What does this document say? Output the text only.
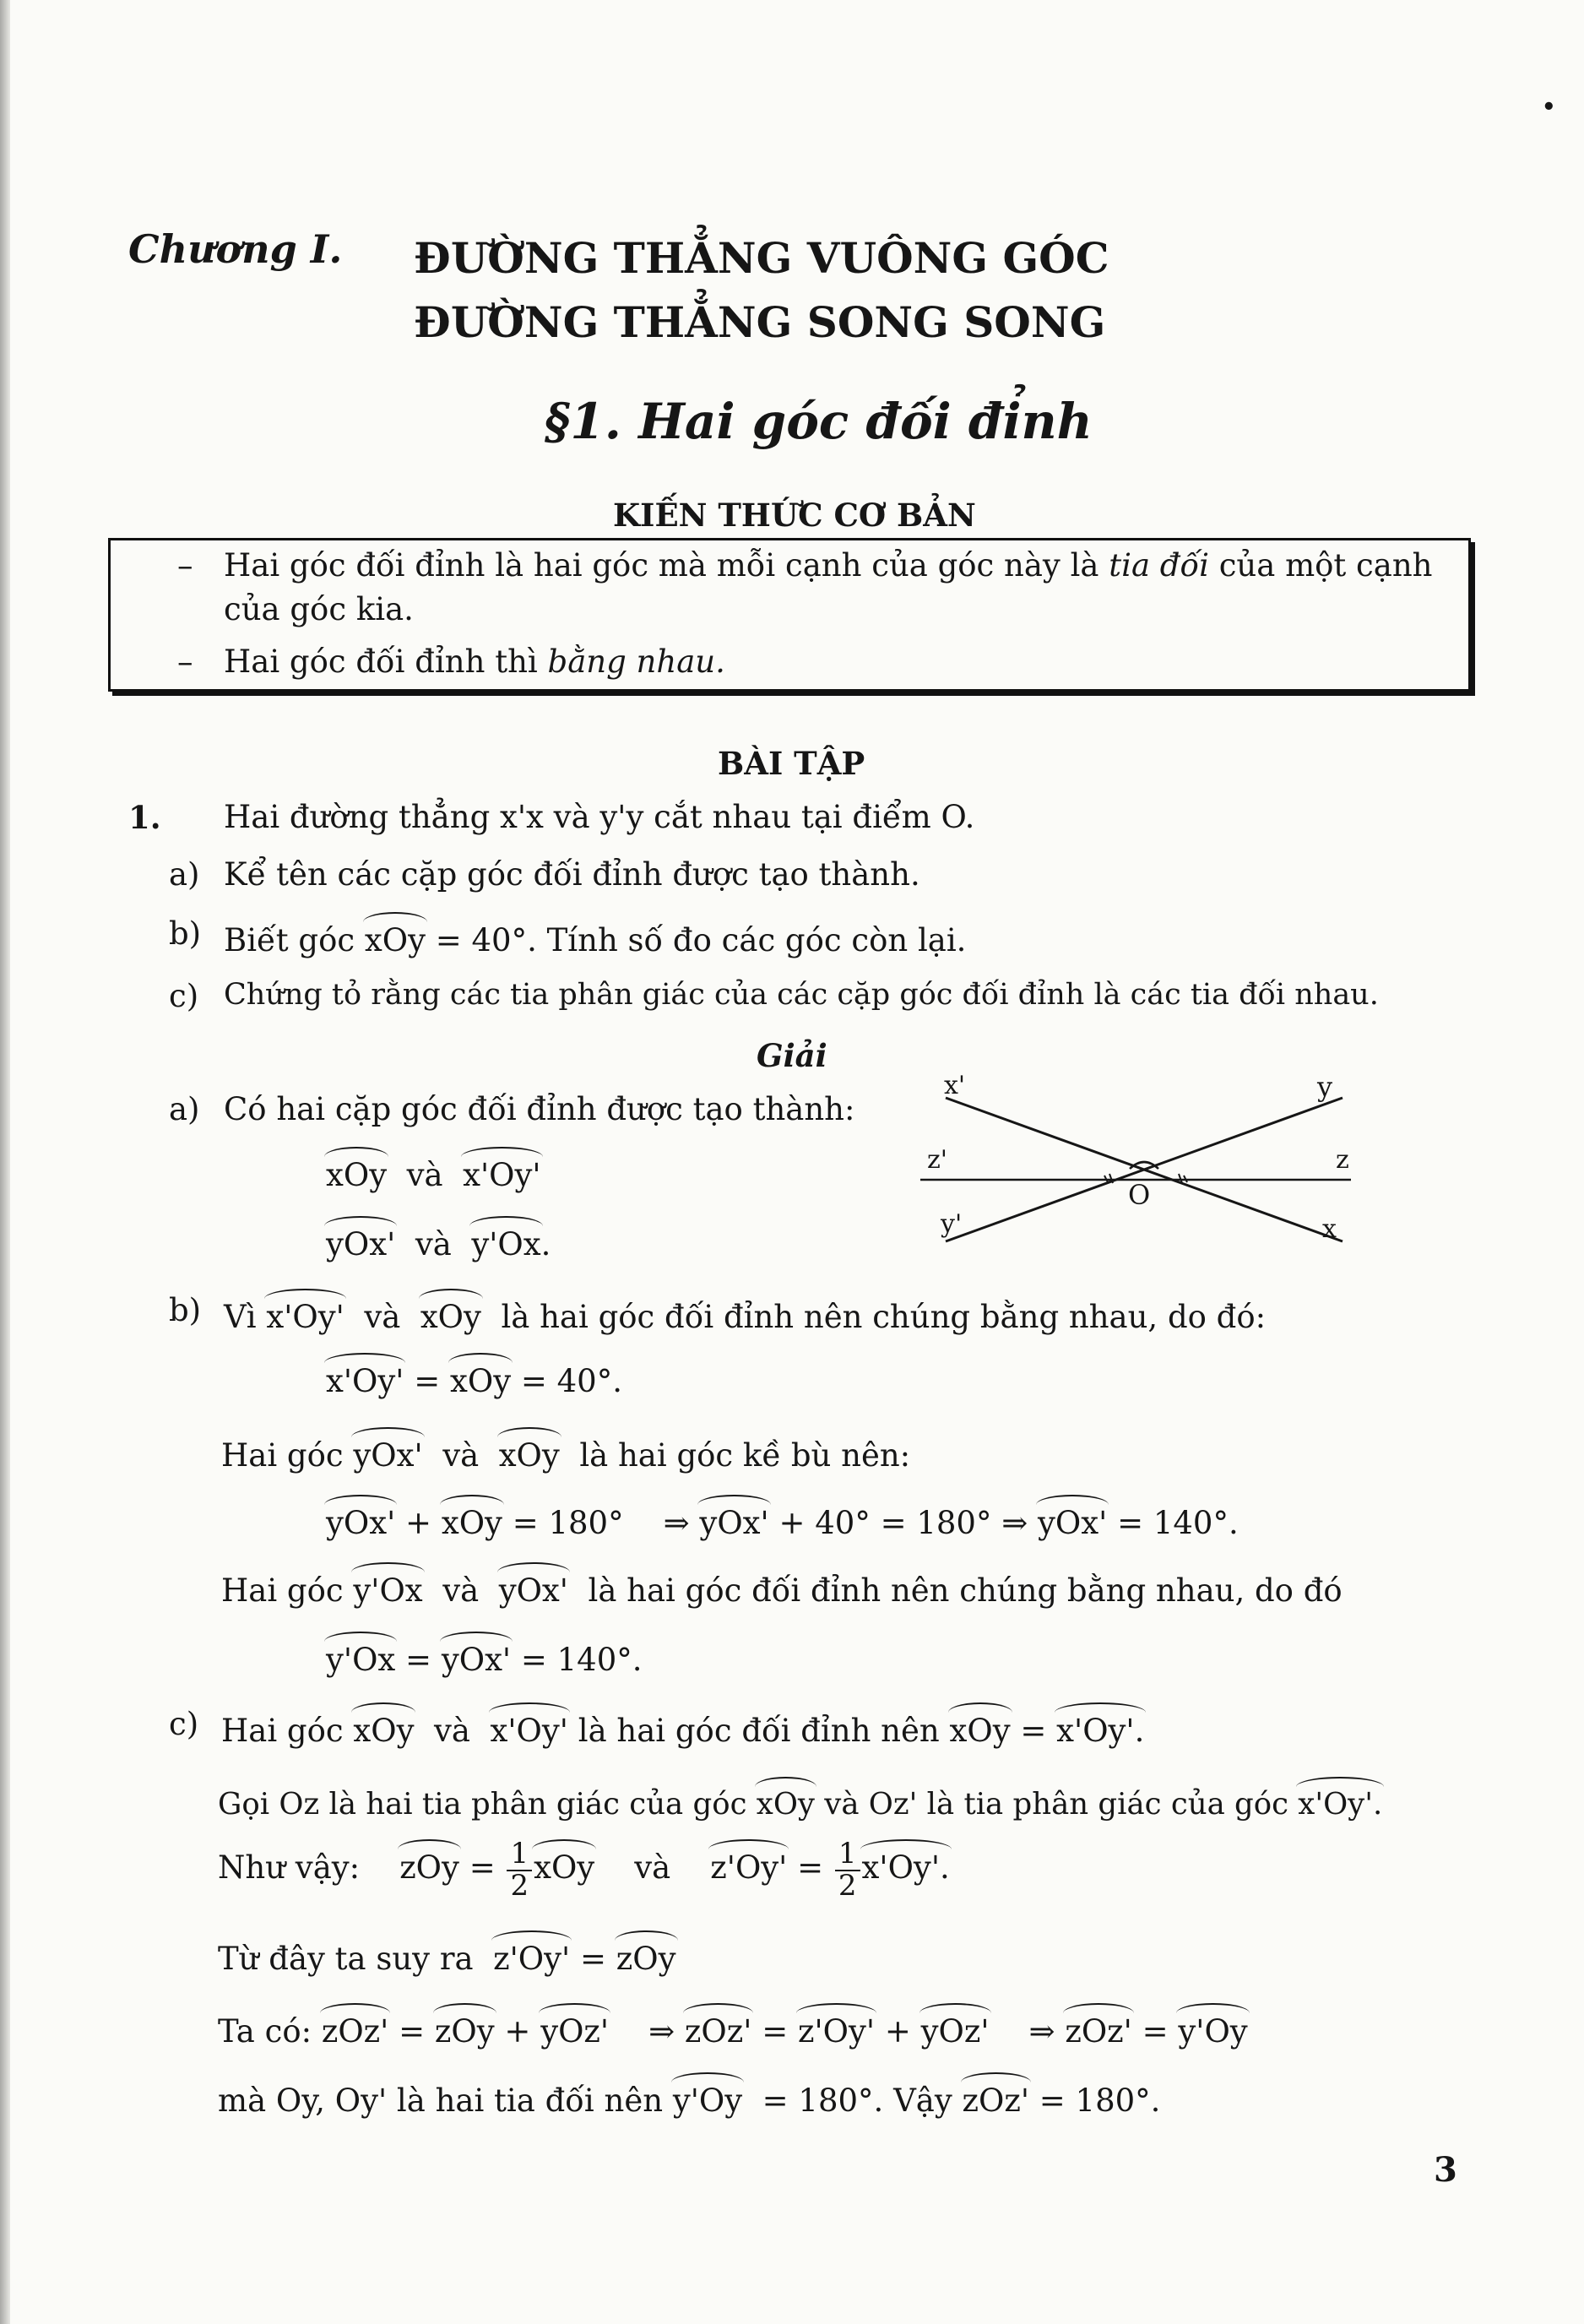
•
Chương I. ĐƯỜNG THẲNG VUÔNG GÓC
ĐƯỜNG THẲNG SONG SONG
§1. Hai góc đối đỉnh
KIẾN THỨC CƠ BẢN
– Hai góc đối đỉnh là hai góc mà mỗi cạnh của góc này là tia đối của một cạnh
của góc kia.
– Hai góc đối đỉnh thì bằng nhau.
BÀI TẬP
1. Hai đường thẳng x'x và y'y cắt nhau tại điểm O.
a) Kể tên các cặp góc đối đỉnh được tạo thành.
b) Biết góc xOy = 40°. Tính số đo các góc còn lại.
c) Chứng tỏ rằng các tia phân giác của các cặp góc đối đỉnh là các tia đối nhau.
Giải
a) Có hai cặp góc đối đỉnh được tạo thành:
xOy và x'Oy'
yOx' và y'Ox.
x'	y
z'	z
O
y'	x
b) Vì x'Oy' và xOy là hai góc đối đỉnh nên chúng bằng nhau, do đó:
x'Oy' = xOy = 40°.
Hai góc yOx' và xOy là hai góc kề bù nên:
yOx' + xOy = 180° ⇒ yOx' + 40° = 180° ⇒ yOx' = 140°.
Hai góc y'Ox và yOx' là hai góc đối đỉnh nên chúng bằng nhau, do đó
y'Ox = yOx' = 140°.
c) Hai góc xOy và x'Oy' là hai góc đối đỉnh nên xOy = x'Oy'.
Gọi Oz là hai tia phân giác của góc xOy và Oz' là tia phân giác của góc x'Oy'.
Như vậy: zOy = $\frac{1}{2}$ xOy và $z'Oy' = \frac{1}{2} x'Oy'$.
Từ đây ta suy ra z'Oy' = zOy
Ta có: zOz' = zOy + yOz' ⇒ zOz' = z'Oy' + yOz' ⇒ zOz' = y'Oy
mà Oy, Oy' là hai tia đối nên y'Oy = 180°. Vậy zOz' = 180°.
3
